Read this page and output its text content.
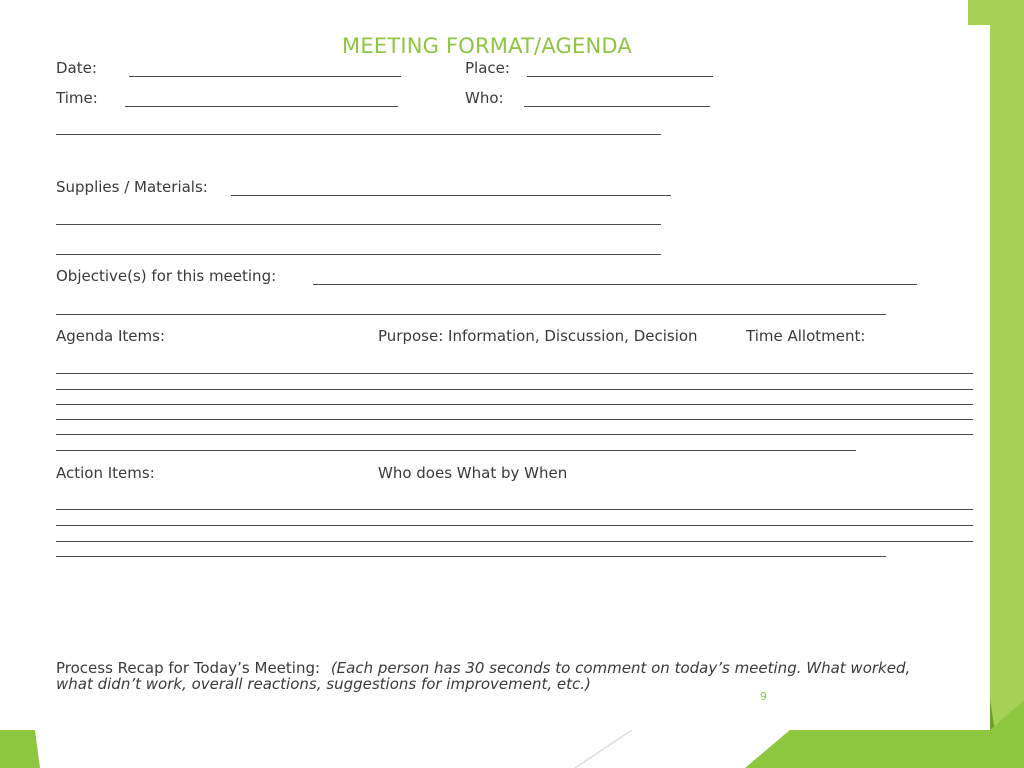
MEETING FORMAT/AGENDA
Date:	Place:
Time:	Who:
Supplies / Materials:
Objective(s) for this meeting:
Agenda Items:	Purpose: Information, Discussion, Decision	Time Allotment:
Action Items:	Who does What by When
Process Recap for Today’s Meeting: (Each person has 30 seconds to comment on today’s meeting. What worked, what didn’t work, overall reactions, suggestions for improvement, etc.)
9
